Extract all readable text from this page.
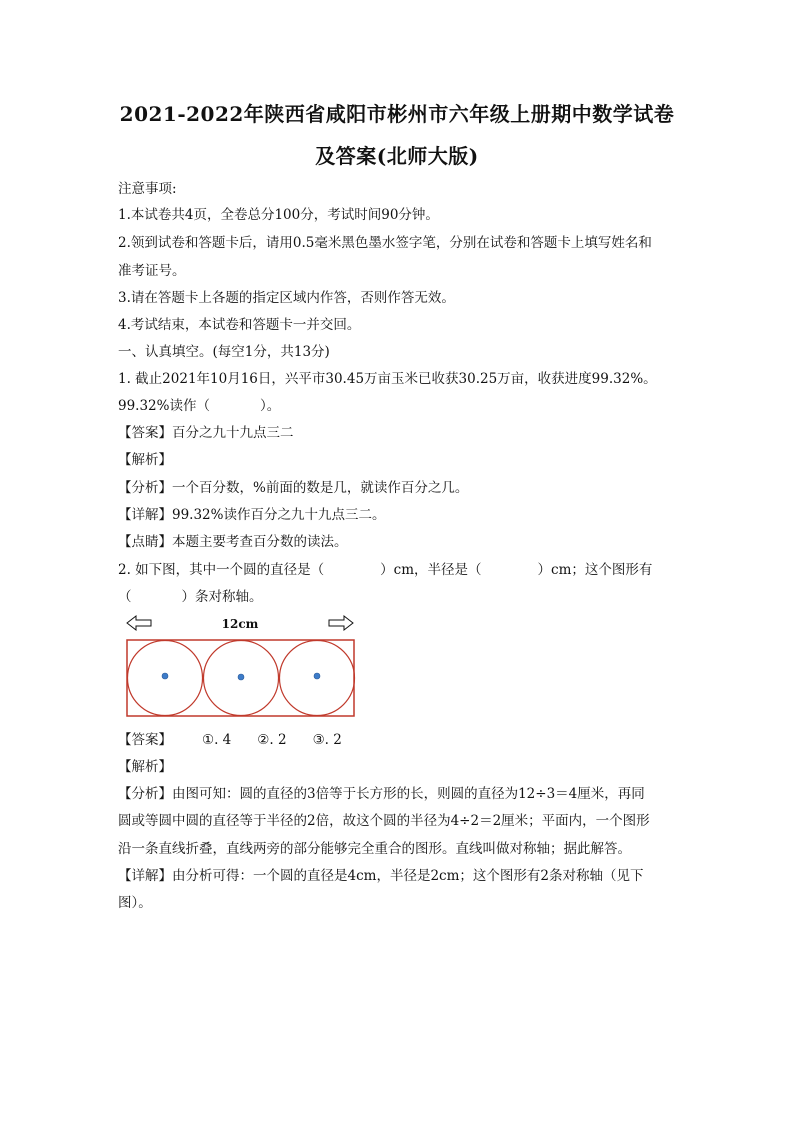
2021-2022年陕西省咸阳市彬州市六年级上册期中数学试卷
及答案(北师大版)
注意事项:
1.本试卷共4页，全卷总分100分，考试时间90分钟。
2.领到试卷和答题卡后，请用0.5毫米黑色墨水签字笔，分别在试卷和答题卡上填写姓名和
准考证号。
3.请在答题卡上各题的指定区域内作答，否则作答无效。
4.考试结束，本试卷和答题卡一并交回。
一、认真填空。(每空1分，共13分)
1. 截止2021年10月16日，兴平市30.45万亩玉米已收获30.25万亩，收获进度99.32%。
99.32%读作（	）。
【答案】百分之九十九点三二
【解析】
【分析】一个百分数，%前面的数是几，就读作百分之几。
【详解】99.32%读作百分之九十九点三二。
【点睛】本题主要考查百分数的读法。
2. 如下图，其中一个圆的直径是（	）cm，半径是（	）cm；这个图形有
（	）条对称轴。
12cm
【答案】 ①. 4 ②. 2 ③. 2
【解析】
【分析】由图可知：圆的直径的3倍等于长方形的长，则圆的直径为12÷3＝4厘米，再同
圆或等圆中圆的直径等于半径的2倍，故这个圆的半径为4÷2＝2厘米；平面内，一个图形
沿一条直线折叠，直线两旁的部分能够完全重合的图形。直线叫做对称轴；据此解答。
【详解】由分析可得：一个圆的直径是4cm，半径是2cm；这个图形有2条对称轴（见下
图）。
